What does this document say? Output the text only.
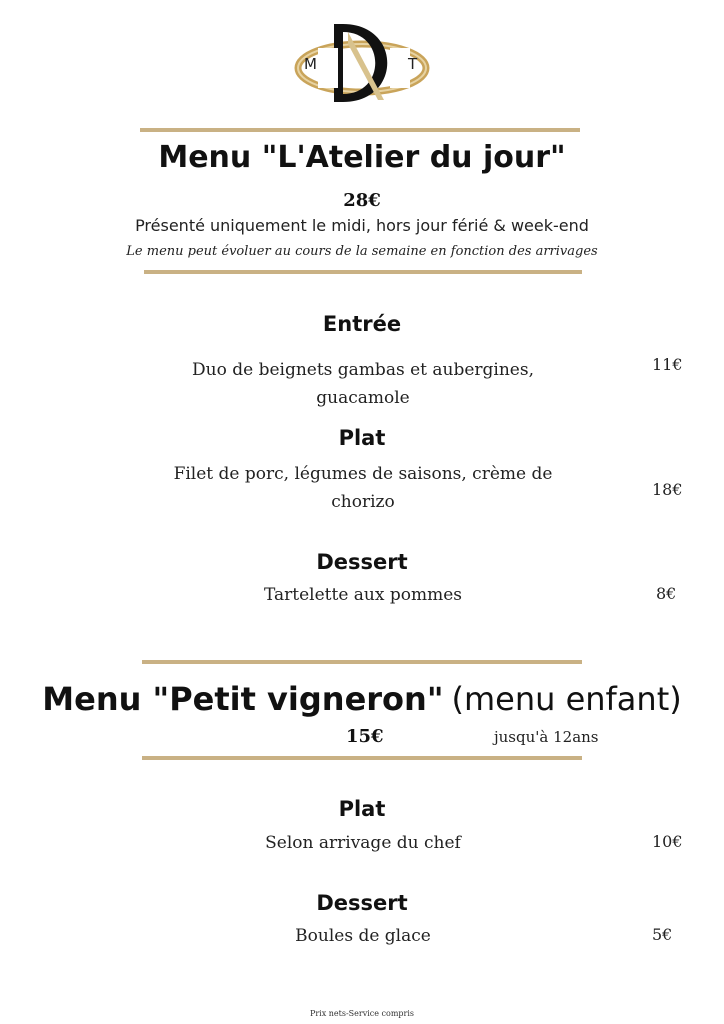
M	T
Menu "L'Atelier du jour"
28€
Présenté uniquement le midi, hors jour férié & week-end
Le menu peut évoluer au cours de la semaine en fonction des arrivages
Entrée
Duo de beignets gambas et aubergines,
guacamole
11€
Plat
Filet de porc, légumes de saisons, crème de
chorizo
18€
Dessert
Tartelette aux pommes	8€
Menu "Petit vigneron" (menu enfant)
15€	jusqu'à 12ans
Plat
Selon arrivage du chef	10€
Dessert
Boules de glace	5€
Prix nets-Service compris
